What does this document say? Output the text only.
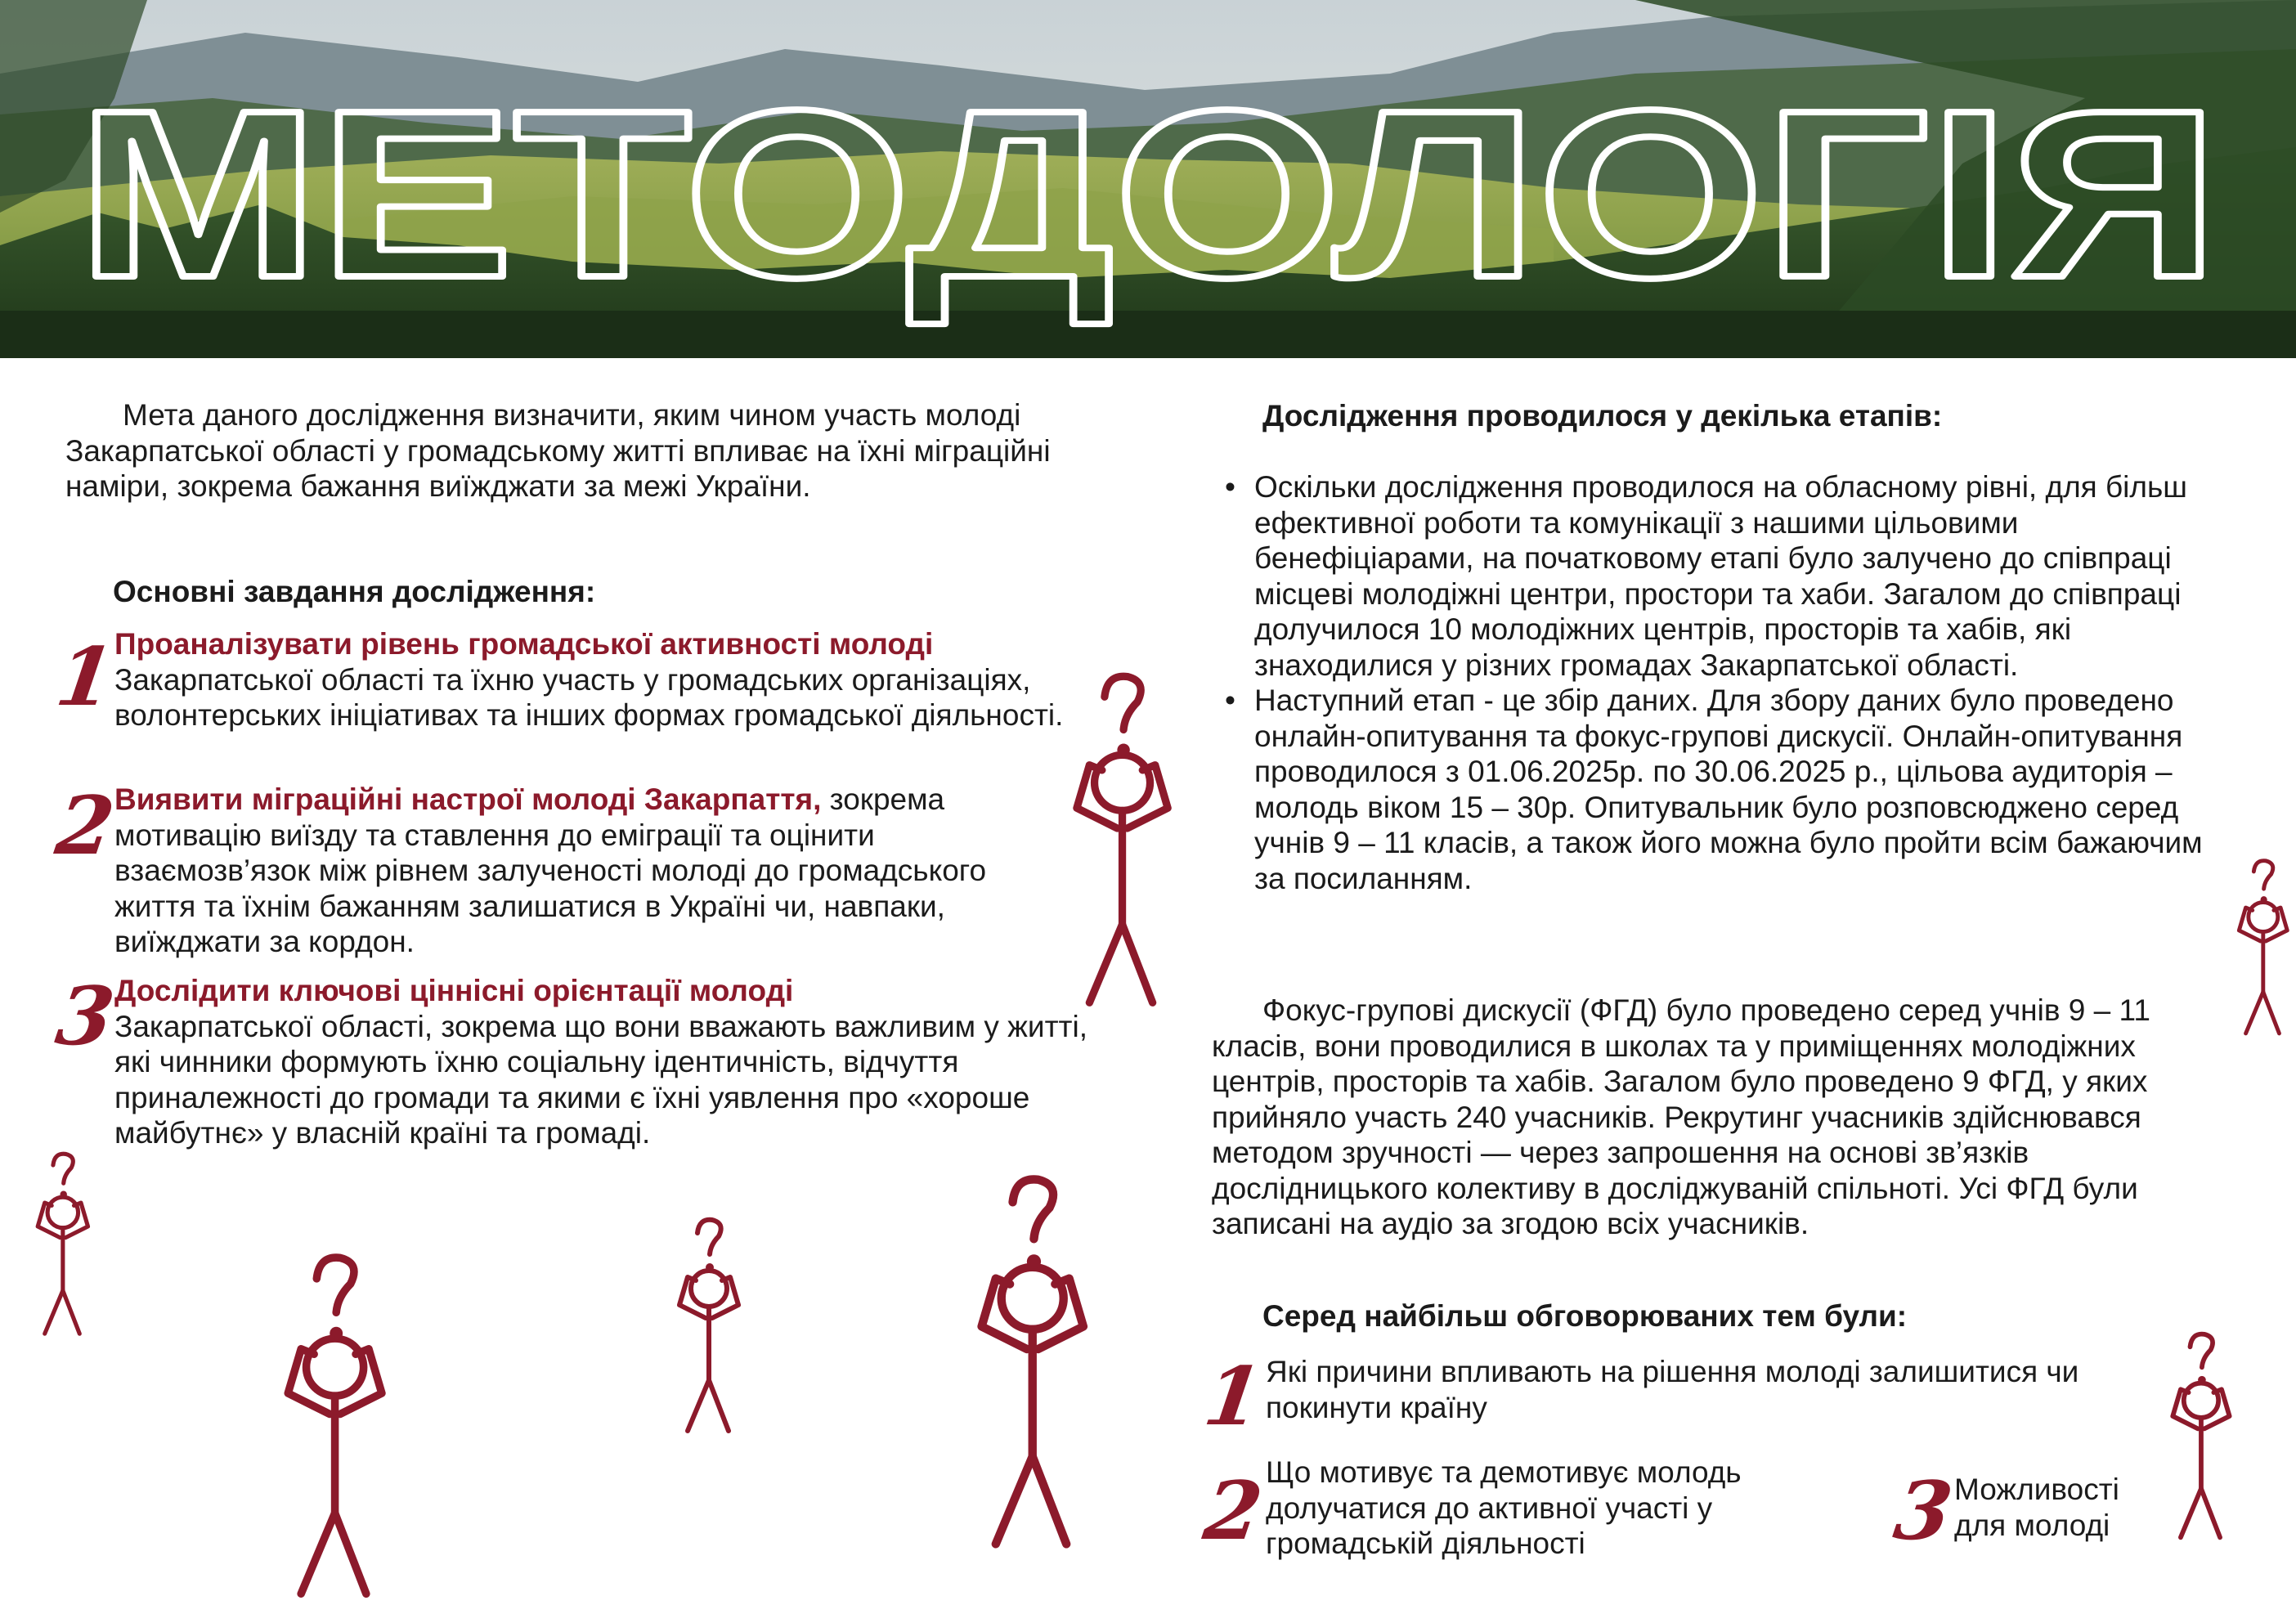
МЕТОДОЛОГІЯ

Мета даного дослідження визначити, яким чином участь молоді Закарпатської області у громадському житті впливає на їхні міграційні наміри, зокрема бажання виїжджати за межі України.

Основні завдання дослідження:

1

Проаналізувати рівень громадської активності молоді
Закарпатської області та їхню участь у громадських організаціях, волонтерських ініціативах та інших формах громадської діяльності.

2

Виявити міграційні настрої молоді Закарпаття, зокрема мотивацію виїзду та ставлення до еміграції та оцінити взаємозв’язок між рівнем залученості молоді до громадського життя та їхнім бажанням залишатися в Україні чи, навпаки, виїжджати за кордон.

3

Дослідити ключові ціннісні орієнтації молоді
Закарпатської області, зокрема що вони вважають важливим у житті, які чинники формують їхню соціальну ідентичність, відчуття приналежності до громади та якими є їхні уявлення про «хороше майбутнє» у власній країні та громаді.

Дослідження проводилося у декілька етапів:

• Оскільки дослідження проводилося на обласному рівні, для більш ефективної роботи та комунікації з нашими цільовими бенефіціарами, на початковому етапі було залучено до співпраці місцеві молодіжні центри, простори та хаби. Загалом до співпраці долучилося 10 молодіжних центрів, просторів та хабів, які знаходилися у різних громадах Закарпатської області.
• Наступний етап - це збір даних. Для збору даних було проведено онлайн-опитування та фокус-групові дискусії. Онлайн-опитування проводилося з 01.06.2025р. по 30.06.2025 р., цільова аудиторія – молодь віком 15 – 30р. Опитувальник було розповсюджено серед учнів 9 – 11 класів, а також його можна було пройти всім бажаючим за посиланням.

Фокус-групові дискусії (ФГД) було проведено серед учнів 9 – 11 класів, вони проводилися в школах та у приміщеннях молодіжних центрів, просторів та хабів. Загалом було проведено 9 ФГД, у яких прийняло участь 240 учасників. Рекрутинг учасників здійснювався методом зручності — через запрошення на основі зв’язків дослідницького колективу в досліджуваній спільноті. Усі ФГД були записані на аудіо за згодою всіх учасників.

Серед найбільш обговорюваних тем були:

1

Які причини впливають на рішення молоді залишитися чи покинути країну

2

Що мотивує та демотивує молодь долучатися до активної участі у громадській діяльності	3

Можливості для молоді
